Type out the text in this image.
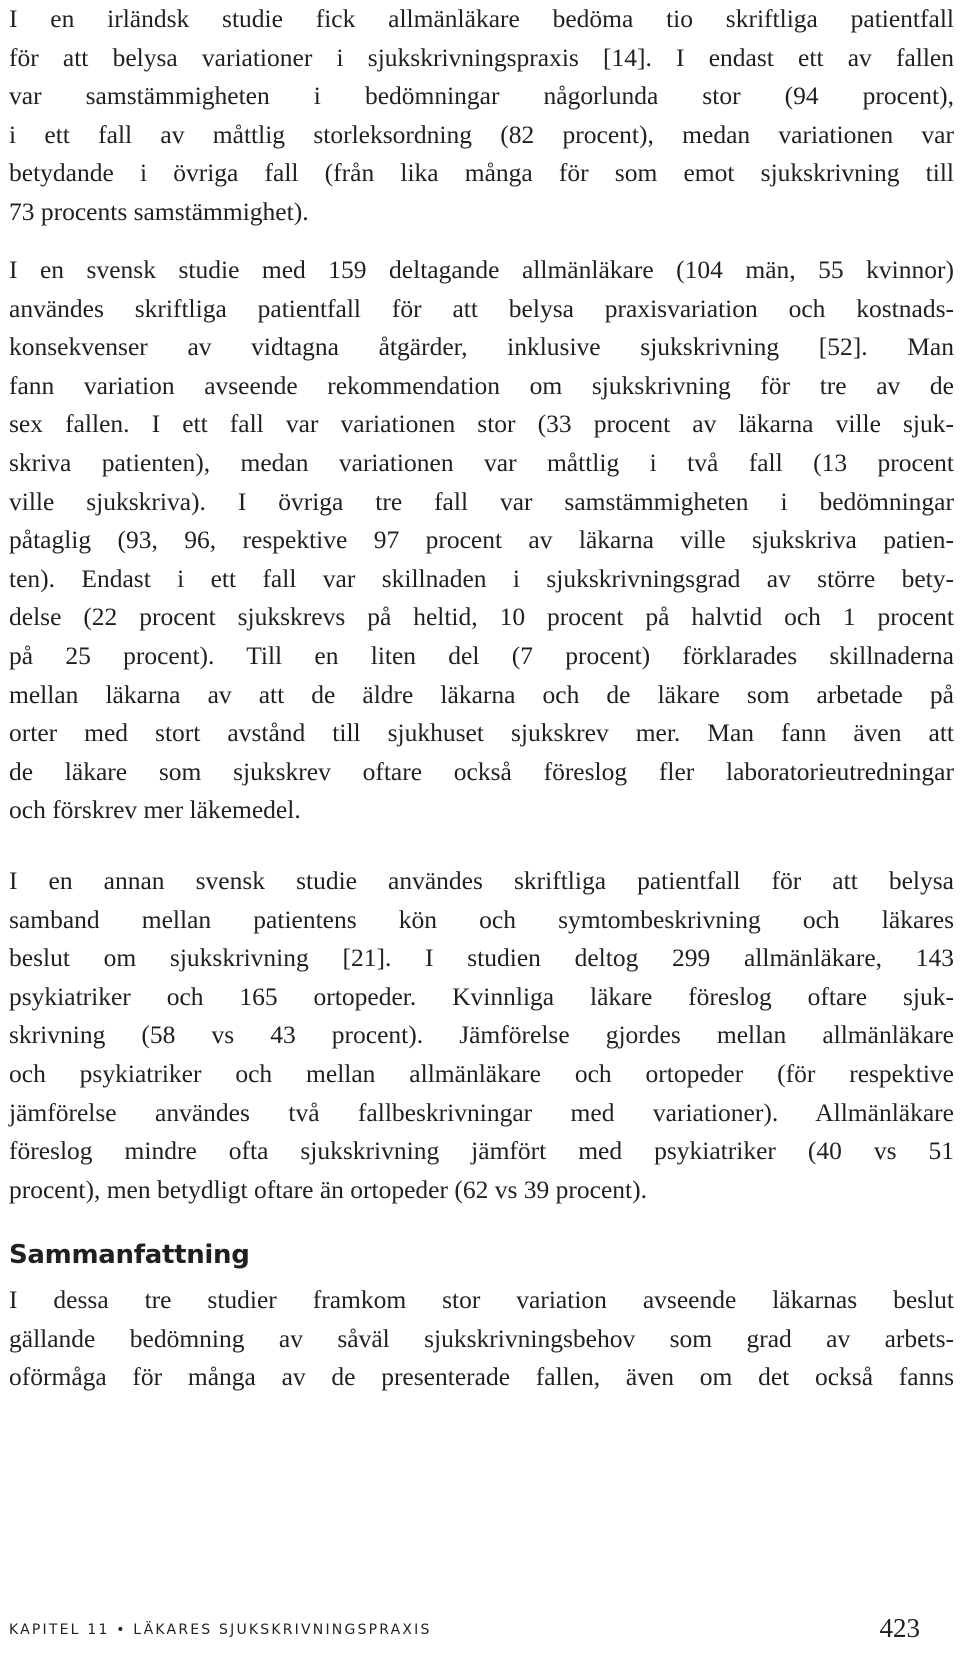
I en irländsk studie fick allmänläkare bedöma tio skriftliga patientfall
för att belysa variationer i sjukskrivningspraxis [14]. I endast ett av fallen
var samstämmigheten i bedömningar någorlunda stor (94 procent),
i ett fall av måttlig storleksordning (82 procent), medan variationen var
betydande i övriga fall (från lika många för som emot sjukskrivning till
73 procents samstämmighet).
I en svensk studie med 159 deltagande allmänläkare (104 män, 55 kvinnor)
användes skriftliga patientfall för att belysa praxisvariation och kostnads-
konsekvenser av vidtagna åtgärder, inklusive sjukskrivning [52]. Man
fann variation avseende rekommendation om sjukskrivning för tre av de
sex fallen. I ett fall var variationen stor (33 procent av läkarna ville sjuk-
skriva patienten), medan variationen var måttlig i två fall (13 procent
ville sjukskriva). I övriga tre fall var samstämmigheten i bedömningar
påtaglig (93, 96, respektive 97 procent av läkarna ville sjukskriva patien-
ten). Endast i ett fall var skillnaden i sjukskrivningsgrad av större bety-
delse (22 procent sjukskrevs på heltid, 10 procent på halvtid och 1 procent
på 25 procent). Till en liten del (7 procent) förklarades skillnaderna
mellan läkarna av att de äldre läkarna och de läkare som arbetade på
orter med stort avstånd till sjukhuset sjukskrev mer. Man fann även att
de läkare som sjukskrev oftare också föreslog fler laboratorieutredningar
och förskrev mer läkemedel.
I en annan svensk studie användes skriftliga patientfall för att belysa
samband mellan patientens kön och symtombeskrivning och läkares
beslut om sjukskrivning [21]. I studien deltog 299 allmänläkare, 143
psykiatriker och 165 ortopeder. Kvinnliga läkare föreslog oftare sjuk-
skrivning (58 vs 43 procent). Jämförelse gjordes mellan allmänläkare
och psykiatriker och mellan allmänläkare och ortopeder (för respektive
jämförelse användes två fallbeskrivningar med variationer). Allmänläkare
föreslog mindre ofta sjukskrivning jämfört med psykiatriker (40 vs 51
procent), men betydligt oftare än ortopeder (62 vs 39 procent).
Sammanfattning
I dessa tre studier framkom stor variation avseende läkarnas beslut
gällande bedömning av såväl sjukskrivningsbehov som grad av arbets-
oförmåga för många av de presenterade fallen, även om det också fanns
KAPITEL 11 • LÄKARES SJUKSKRIVNINGSPRAXIS	423
